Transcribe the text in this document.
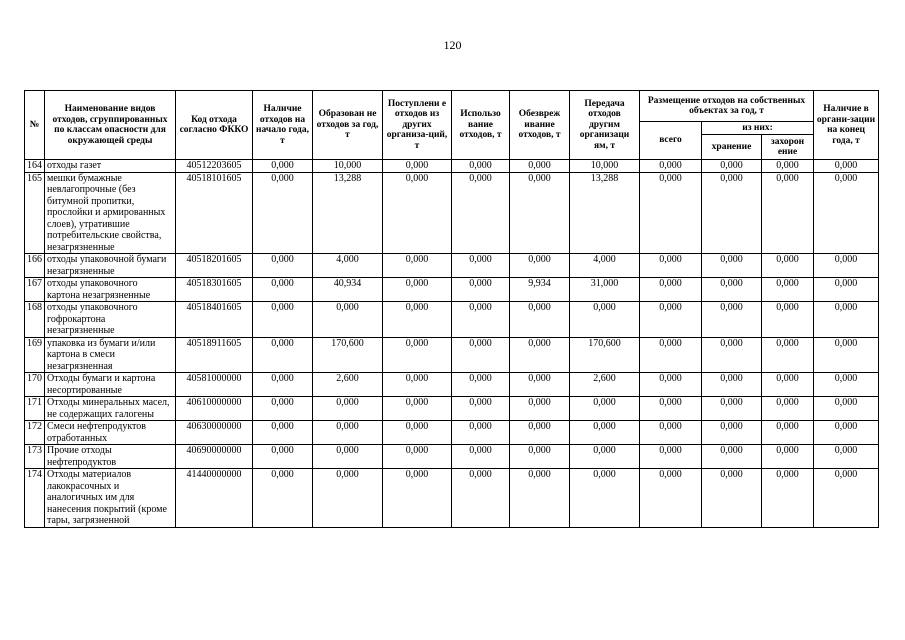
120
№	Наименование видов отходов, сгруппированных по классам опасности для окружающей среды	Код отхода согласно ФККО	Наличие отходов на начало года, т	Образован не отходов за год, т	Поступлени е отходов из других организа-ций, т	Использо вание отходов, т	Обезвреж ивание отходов, т	Передача отходов другим организаци ям, т	Размещение отходов на собственных объектах за год, т			Наличие в органи-зации на конец года, т
									всего	из них:		
										хранение	захорон ение	
164	отходы газет	40512203605	0,000	10,000	0,000	0,000	0,000	10,000	0,000	0,000	0,000	0,000
165	мешки бумажные невлагопрочные (без битумной пропитки, прослойки и армированных слоев), утратившие потребительские свойства, незагрязненные	40518101605	0,000	13,288	0,000	0,000	0,000	13,288	0,000	0,000	0,000	0,000
166	отходы упаковочной бумаги незагрязненные	40518201605	0,000	4,000	0,000	0,000	0,000	4,000	0,000	0,000	0,000	0,000
167	отходы упаковочного картона незагрязненные	40518301605	0,000	40,934	0,000	0,000	9,934	31,000	0,000	0,000	0,000	0,000
168	отходы упаковочного гофрокартона незагрязненные	40518401605	0,000	0,000	0,000	0,000	0,000	0,000	0,000	0,000	0,000	0,000
169	упаковка из бумаги и/или картона в смеси незагрязненная	40518911605	0,000	170,600	0,000	0,000	0,000	170,600	0,000	0,000	0,000	0,000
170	Отходы бумаги и картона несортированные	40581000000	0,000	2,600	0,000	0,000	0,000	2,600	0,000	0,000	0,000	0,000
171	Отходы минеральных масел, не содержащих галогены	40610000000	0,000	0,000	0,000	0,000	0,000	0,000	0,000	0,000	0,000	0,000
172	Смеси нефтепродуктов отработанных	40630000000	0,000	0,000	0,000	0,000	0,000	0,000	0,000	0,000	0,000	0,000
173	Прочие отходы нефтепродуктов	40690000000	0,000	0,000	0,000	0,000	0,000	0,000	0,000	0,000	0,000	0,000
174	Отходы материалов лакокрасочных и аналогичных им для нанесения покрытий (кроме тары, загрязненной	41440000000	0,000	0,000	0,000	0,000	0,000	0,000	0,000	0,000	0,000	0,000
